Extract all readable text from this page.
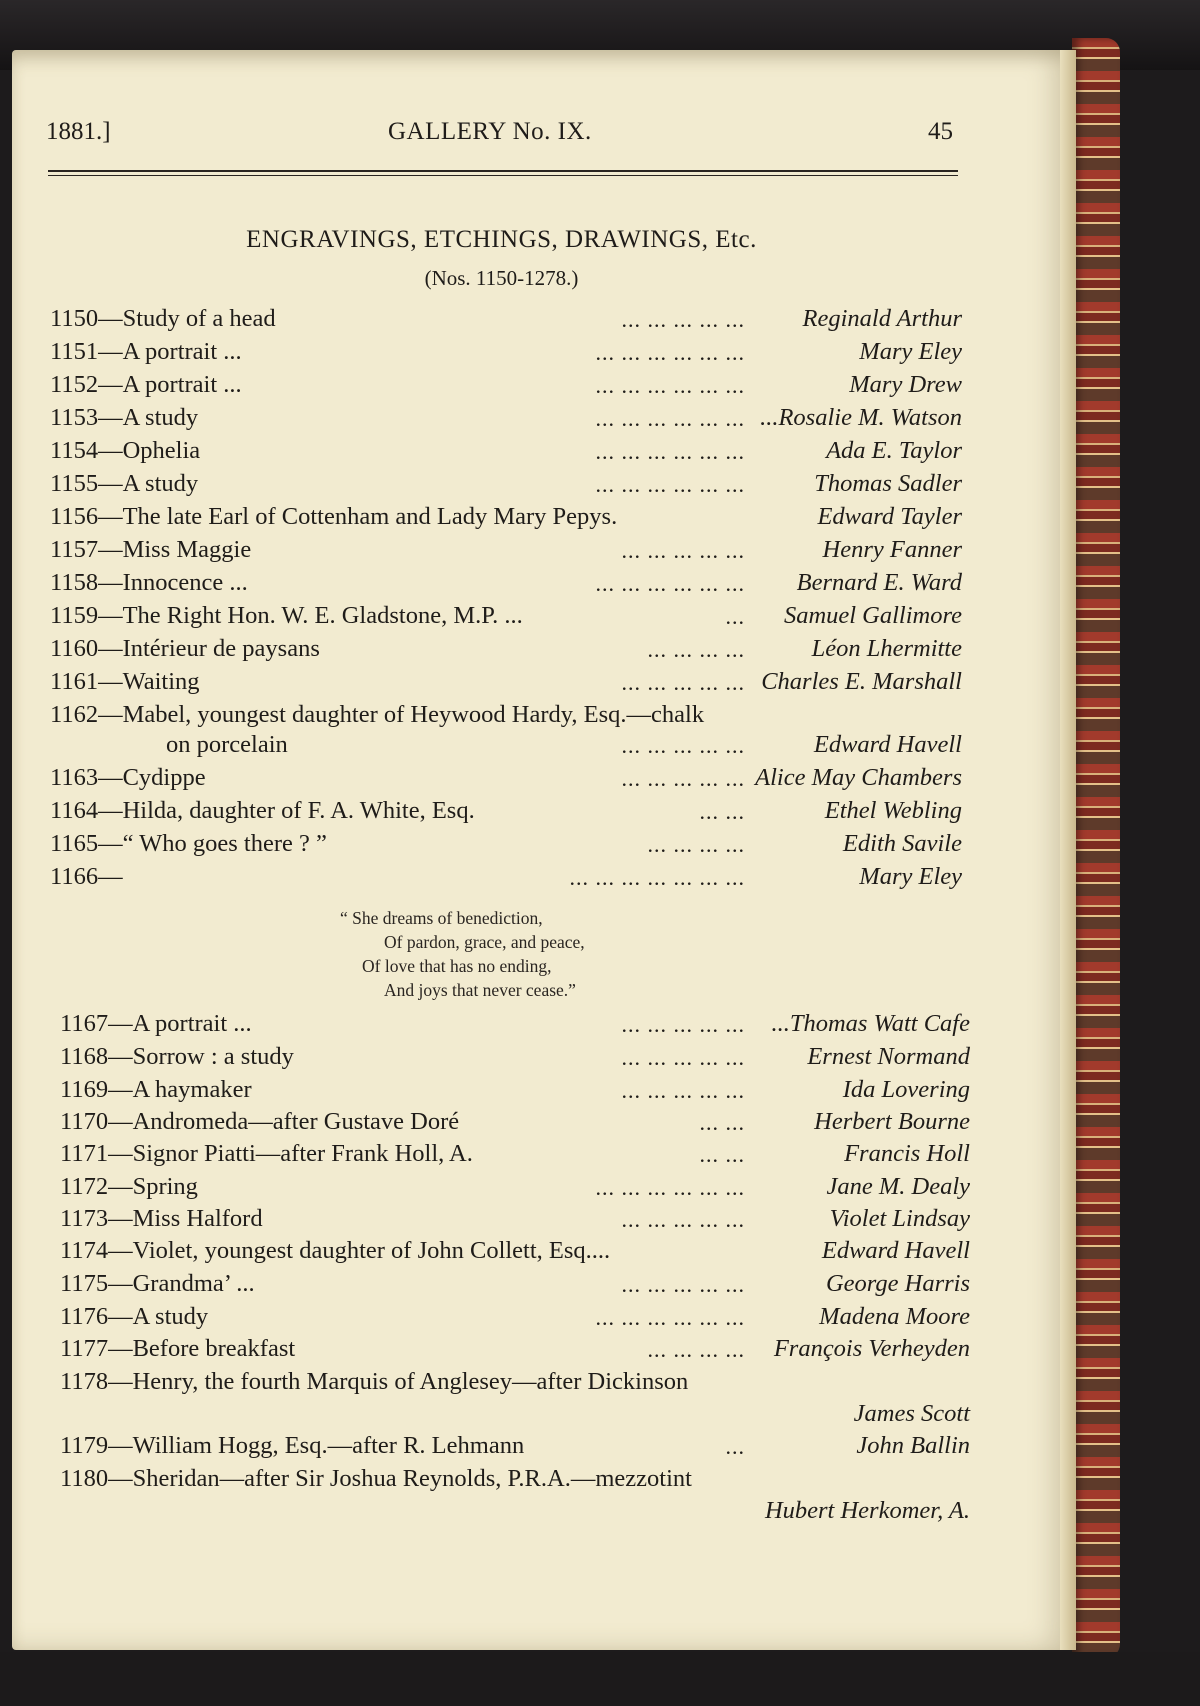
1881.]	GALLERY No. IX.	45
ENGRAVINGS, ETCHINGS, DRAWINGS, Etc.
(Nos. 1150-1278.)
1150—Study of a head	... ... ... ... ... Reginald Arthur
1151—A portrait ...	... ... ... ... ... ...	Mary Eley
1152—A portrait ...	... ... ... ... ... ...	Mary Drew
1153—A study	... ... ... ... ... ... ...Rosalie M. Watson
1154—Ophelia	... ... ... ... ... ...	Ada E. Taylor
1155—A study	... ... ... ... ... ...	Thomas Sadler
1156—The late Earl of Cottenham and Lady Mary Pepys.	Edward Tayler
1157—Miss Maggie	... ... ... ... ...	Henry Fanner
1158—Innocence ...	... ... ... ... ... ... Bernard E. Ward
1159—The Right Hon. W. E. Gladstone, M.P. ...	... Samuel Gallimore
1160—Intérieur de paysans	... ... ... ...	Léon Lhermitte
1161—Waiting	... ... ... ... ... Charles E. Marshall
1162—Mabel, youngest daughter of Heywood Hardy, Esq.—chalk
on porcelain	... ... ... ... ...	Edward Havell
1163—Cydippe	... ... ... ... ... Alice May Chambers
1164—Hilda, daughter of F. A. White, Esq.	... ...	Ethel Webling
1165—“ Who goes there ? ”	... ... ... ...	Edith Savile
1166—	... ... ... ... ... ... ...	Mary Eley
“ She dreams of benediction,
Of pardon, grace, and peace,
Of love that has no ending,
And joys that never cease.”
1167—A portrait ...	... ... ... ... ... ...Thomas Watt Cafe
1168—Sorrow : a study	... ... ... ... ...	Ernest Normand
1169—A haymaker	... ... ... ... ...	Ida Lovering
1170—Andromeda—after Gustave Doré	... ...	Herbert Bourne
1171—Signor Piatti—after Frank Holl, A.	... ...	Francis Holl
1172—Spring	... ... ... ... ... ...	Jane M. Dealy
1173—Miss Halford	... ... ... ... ...	Violet Lindsay
1174—Violet, youngest daughter of John Collett, Esq....	Edward Havell
1175—Grandma’ ...	... ... ... ... ...	George Harris
1176—A study	... ... ... ... ... ...	Madena Moore
1177—Before breakfast	... ... ... ... François Verheyden
1178—Henry, the fourth Marquis of Anglesey—after Dickinson
James Scott
1179—William Hogg, Esq.—after R. Lehmann	...	John Ballin
1180—Sheridan—after Sir Joshua Reynolds, P.R.A.—mezzotint
Hubert Herkomer, A.
